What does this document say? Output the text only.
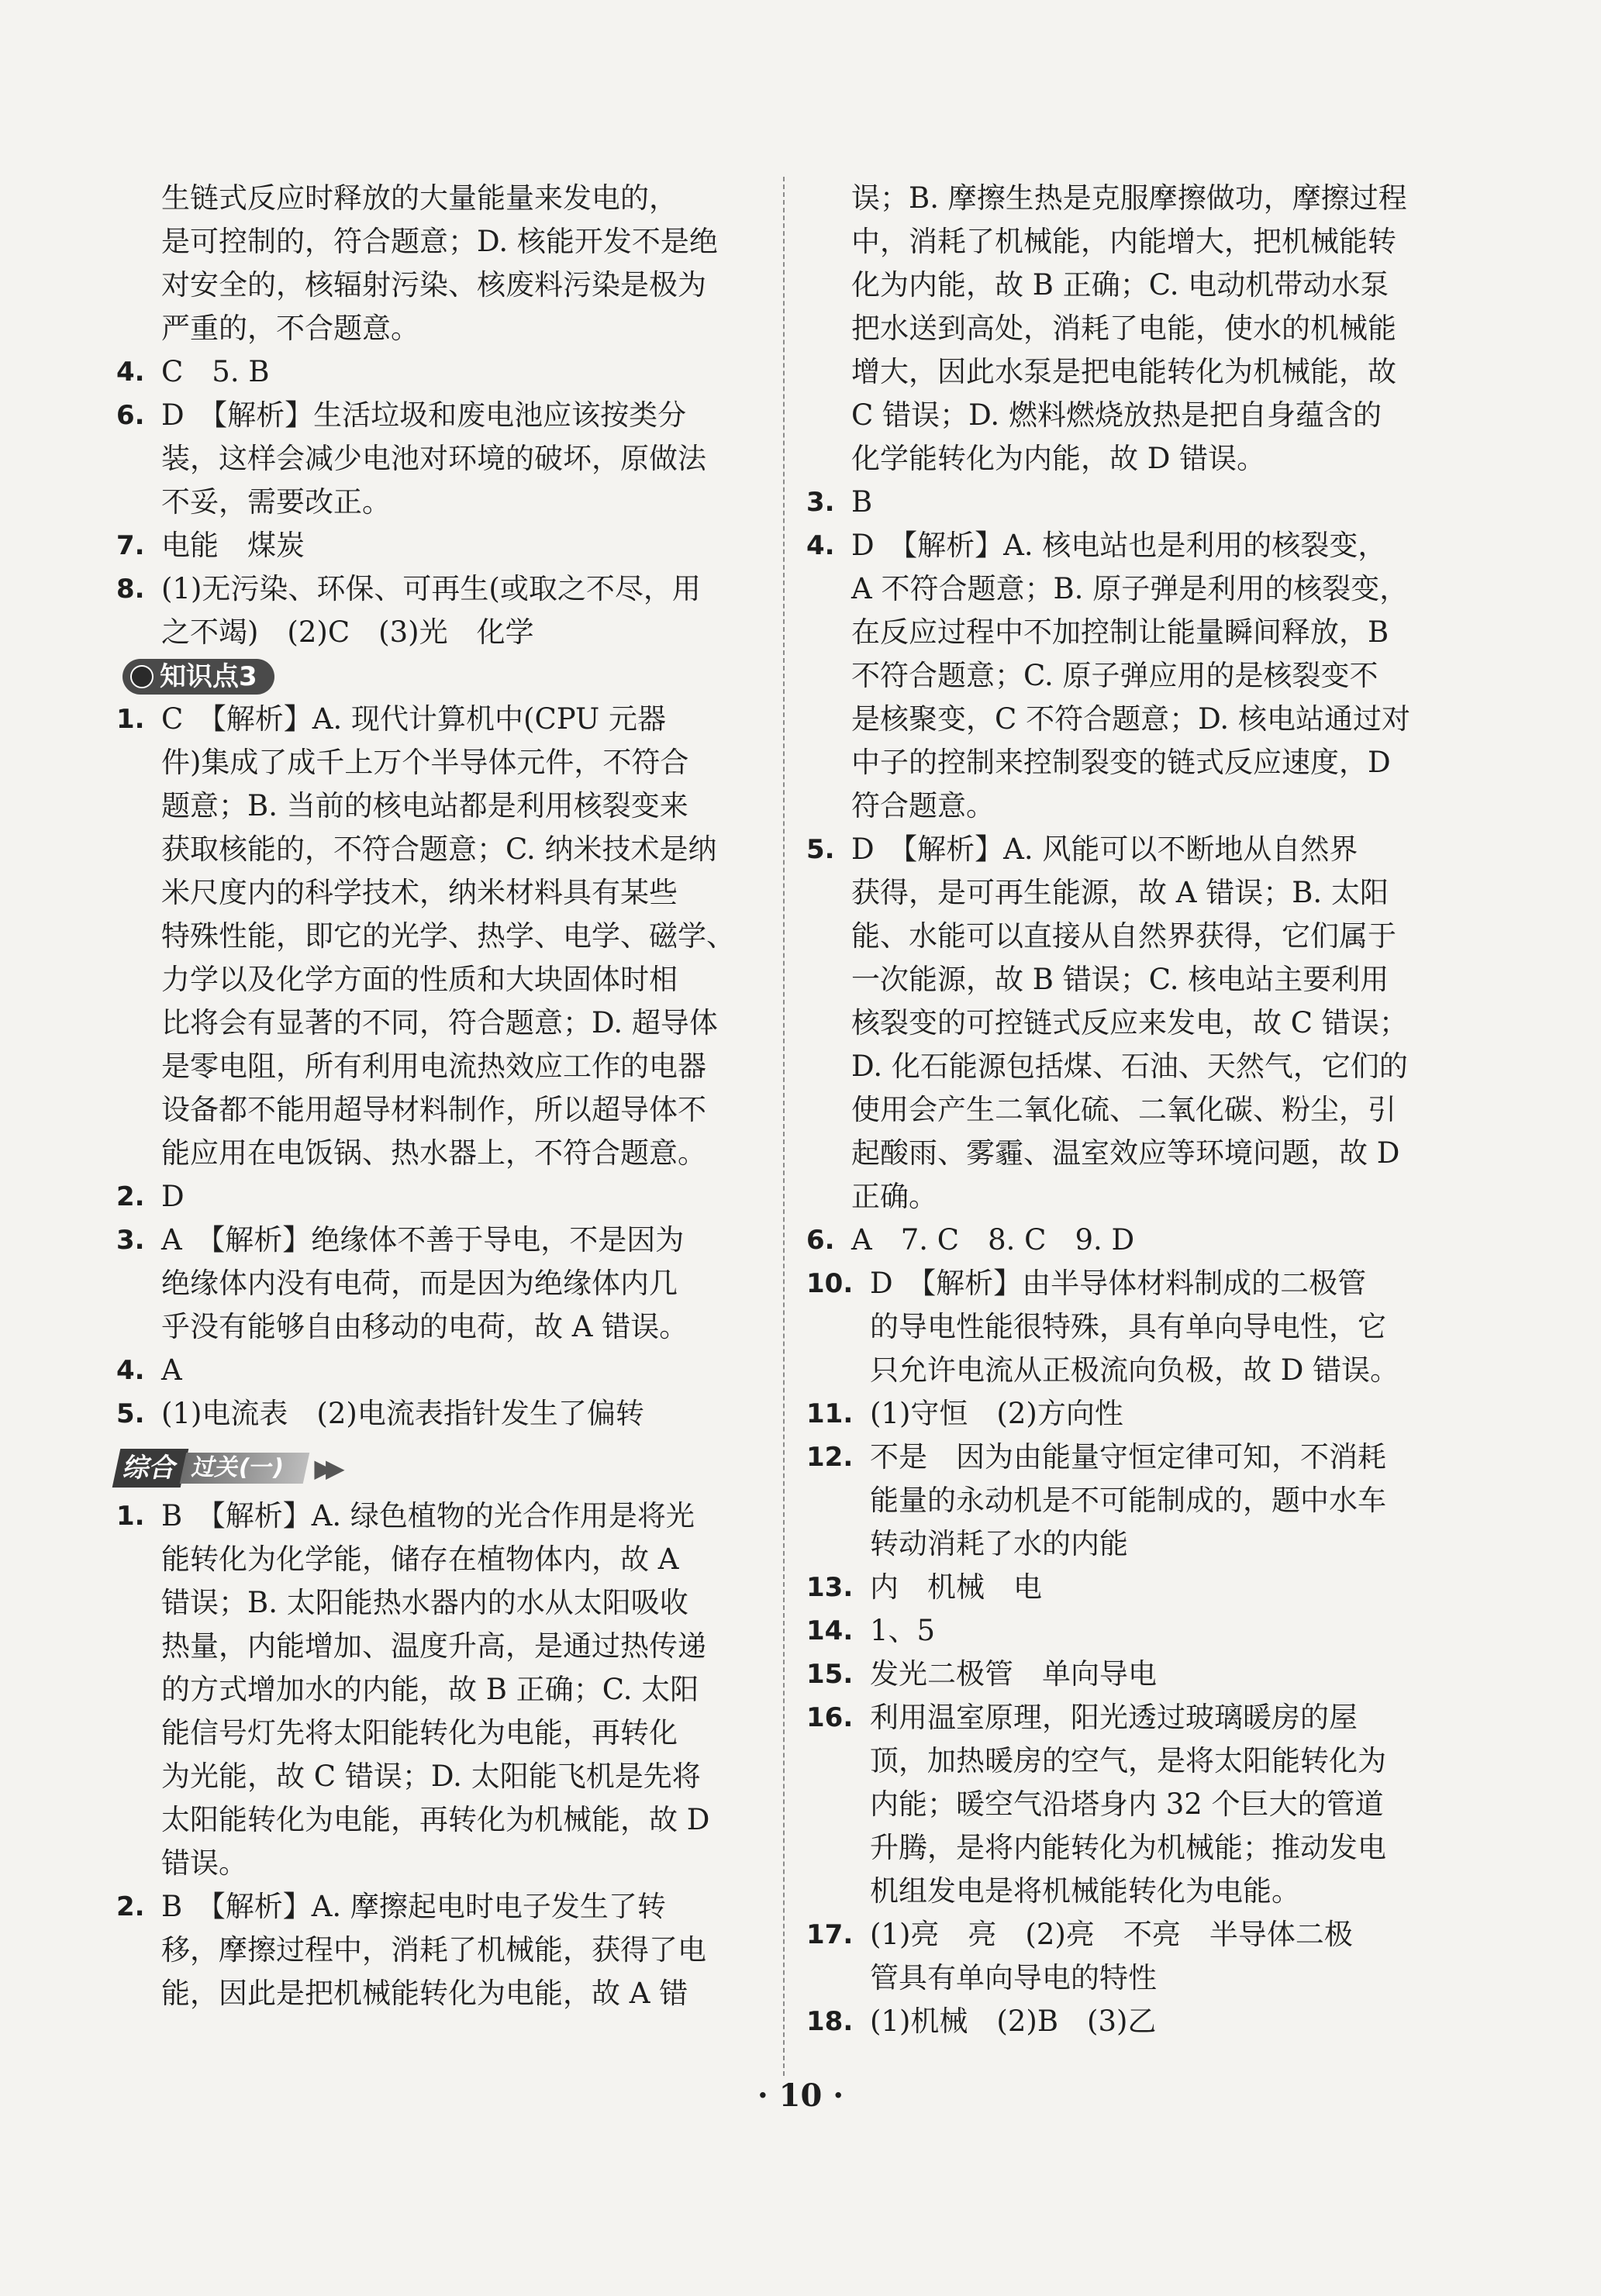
生链式反应时释放的大量能量来发电的，

是可控制的，符合题意；D. 核能开发不是绝

对安全的，核辐射污染、核废料污染是极为

严重的，不合题意。

4. C　5. B

6. D　【解析】生活垃圾和废电池应该按类分

装，这样会减少电池对环境的破坏，原做法

不妥，需要改正。

7. 电能　煤炭

8. (1)无污染、环保、可再生(或取之不尽，用

之不竭)　(2)C　(3)光　化学

知识点3

1. C　【解析】A. 现代计算机中(CPU 元器

件)集成了成千上万个半导体元件，不符合

题意；B. 当前的核电站都是利用核裂变来

获取核能的，不符合题意；C. 纳米技术是纳

米尺度内的科学技术，纳米材料具有某些

特殊性能，即它的光学、热学、电学、磁学、

力学以及化学方面的性质和大块固体时相

比将会有显著的不同，符合题意；D. 超导体

是零电阻，所有利用电流热效应工作的电器

设备都不能用超导材料制作，所以超导体不

能应用在电饭锅、热水器上，不符合题意。

2. D

3. A　【解析】绝缘体不善于导电，不是因为

绝缘体内没有电荷，而是因为绝缘体内几

乎没有能够自由移动的电荷，故 A 错误。

4. A

5. (1)电流表　(2)电流表指针发生了偏转

综合 过关(一)	▶▶

1. B　【解析】A. 绿色植物的光合作用是将光

能转化为化学能，储存在植物体内，故 A

错误；B. 太阳能热水器内的水从太阳吸收

热量，内能增加、温度升高，是通过热传递

的方式增加水的内能，故 B 正确；C. 太阳

能信号灯先将太阳能转化为电能，再转化

为光能，故 C 错误；D. 太阳能飞机是先将

太阳能转化为电能，再转化为机械能，故 D

错误。

2. B　【解析】A. 摩擦起电时电子发生了转

移，摩擦过程中，消耗了机械能，获得了电

能，因此是把机械能转化为电能，故 A 错

误；B. 摩擦生热是克服摩擦做功，摩擦过程

中，消耗了机械能，内能增大，把机械能转

化为内能，故 B 正确；C. 电动机带动水泵

把水送到高处，消耗了电能，使水的机械能

增大，因此水泵是把电能转化为机械能，故

C 错误；D. 燃料燃烧放热是把自身蕴含的

化学能转化为内能，故 D 错误。

3. B

4. D　【解析】A. 核电站也是利用的核裂变，

A 不符合题意；B. 原子弹是利用的核裂变，

在反应过程中不加控制让能量瞬间释放，B

不符合题意；C. 原子弹应用的是核裂变不

是核聚变，C 不符合题意；D. 核电站通过对

中子的控制来控制裂变的链式反应速度，D

符合题意。

5. D　【解析】A. 风能可以不断地从自然界

获得，是可再生能源，故 A 错误；B. 太阳

能、水能可以直接从自然界获得，它们属于

一次能源，故 B 错误；C. 核电站主要利用

核裂变的可控链式反应来发电，故 C 错误；

D. 化石能源包括煤、石油、天然气，它们的

使用会产生二氧化硫、二氧化碳、粉尘，引

起酸雨、雾霾、温室效应等环境问题，故 D

正确。

6. A　7. C　8. C　9. D

10. D　【解析】由半导体材料制成的二极管

的导电性能很特殊，具有单向导电性，它

只允许电流从正极流向负极，故 D 错误。

11. (1)守恒　(2)方向性

12. 不是　因为由能量守恒定律可知，不消耗

能量的永动机是不可能制成的，题中水车

转动消耗了水的内能

13. 内　机械　电

14. 1、5

15. 发光二极管　单向导电

16. 利用温室原理，阳光透过玻璃暖房的屋

顶，加热暖房的空气，是将太阳能转化为

内能；暖空气沿塔身内 32 个巨大的管道

升腾，是将内能转化为机械能；推动发电

机组发电是将机械能转化为电能。

17. (1)亮　亮　(2)亮　不亮　半导体二极

管具有单向导电的特性

18. (1)机械　(2)B　(3)乙

· 10 ·
